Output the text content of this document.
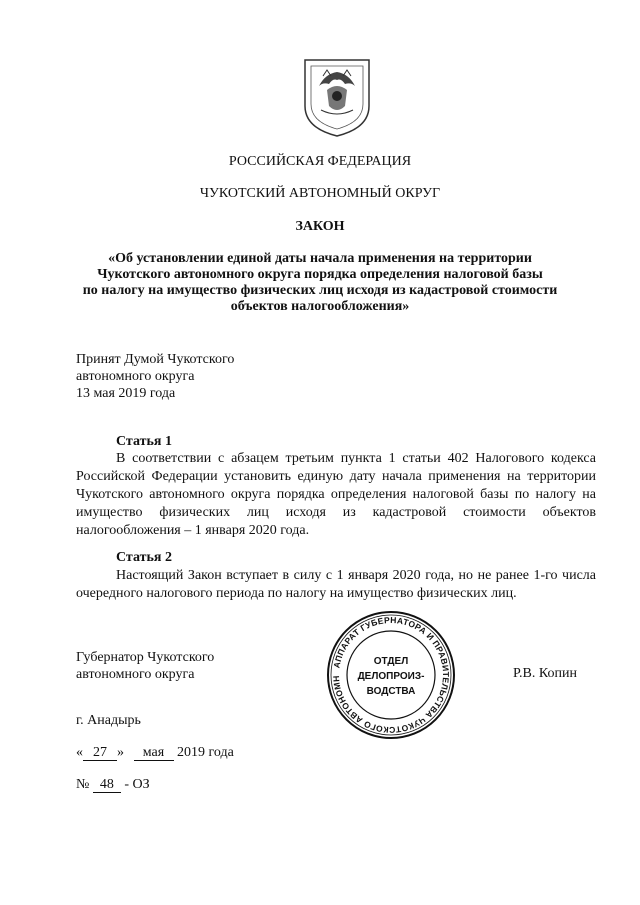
РОССИЙСКАЯ ФЕДЕРАЦИЯ
ЧУКОТСКИЙ АВТОНОМНЫЙ ОКРУГ
ЗАКОН
«Об установлении единой даты начала применения на территории
Чукотского автономного округа порядка определения налоговой базы
по налогу на имущество физических лиц исходя из кадастровой стоимости
объектов налогообложения»
Принят Думой Чукотского
автономного округа
13 мая 2019 года
Статья 1
В соответствии с абзацем третьим пункта 1 статьи 402 Налогового кодекса Российской Федерации установить единую дату начала применения на территории Чукотского автономного округа порядка определения налоговой базы по налогу на имущество физических лиц исходя из кадастровой стоимости объектов налогообложения – 1 января 2020 года.
Статья 2
Настоящий Закон вступает в силу с 1 января 2020 года, но не ранее 1-го числа очередного налогового периода по налогу на имущество физических лиц.
Губернатор Чукотского
автономного округа	Р.В. Копин
АППАРАТ ГУБЕРНАТОРА И ПРАВИТЕЛЬСТВА ЧУКОТСКОГО АВТОНОМН
ОТДЕЛ
ДЕЛОПРОИЗ-
ВОДСТВА
г. Анадырь
« 27 » мая 2019 года
№ 48 - ОЗ
